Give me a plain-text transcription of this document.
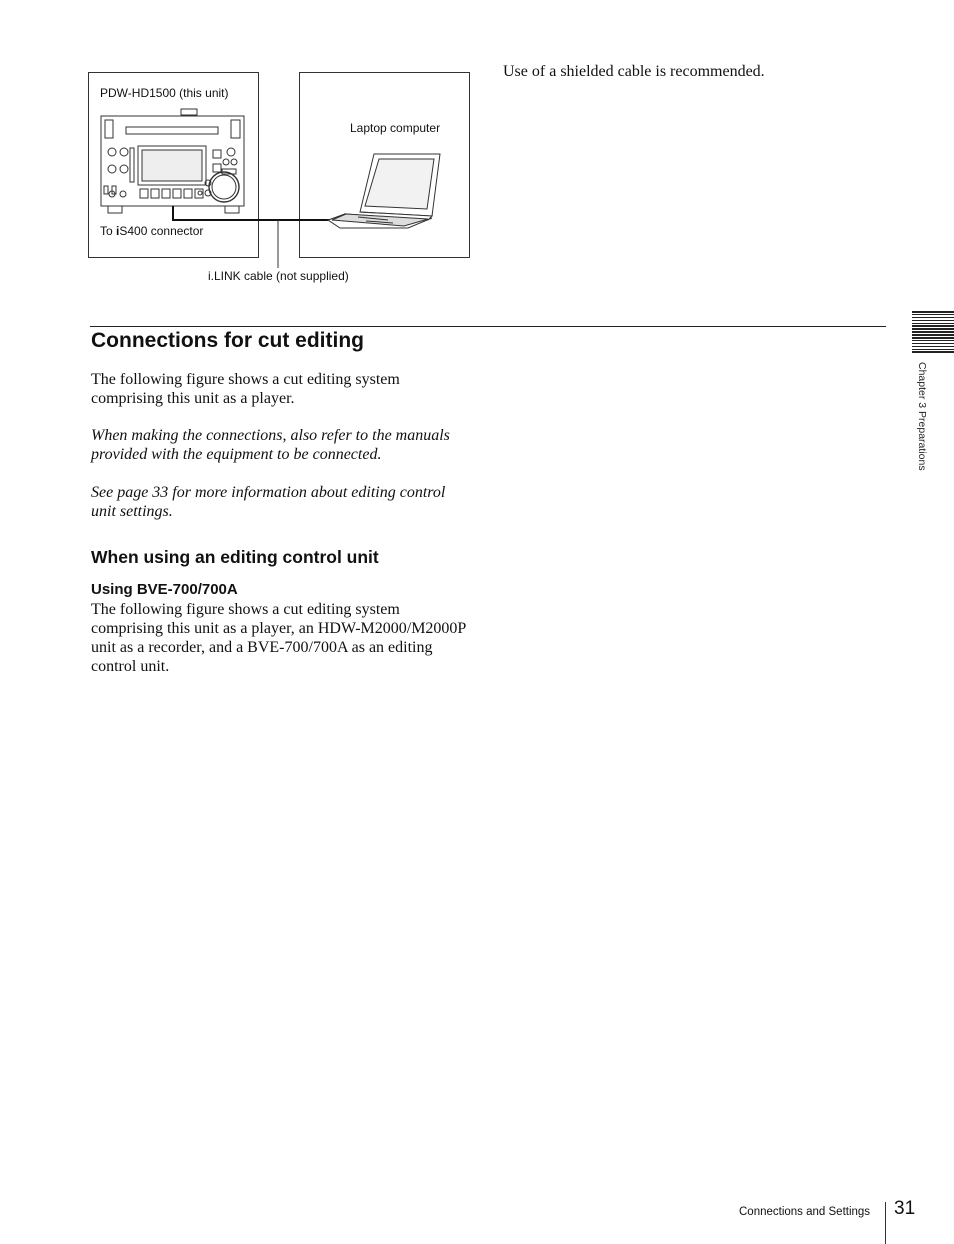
PDW-HD1500 (this unit)
Laptop computer
To iS400 connector
i.LINK cable (not supplied)
Use of a shielded cable is recommended.
Connections for cut editing
The following figure shows a cut editing system
comprising this unit as a player.
When making the connections, also refer to the manuals
provided with the equipment to be connected.
See page 33 for more information about editing control
unit settings.
When using an editing control unit
Using BVE-700/700A
The following figure shows a cut editing system
comprising this unit as a player, an HDW-M2000/M2000P
unit as a recorder, and a BVE-700/700A as an editing
control unit.
Chapter 3 Preparations
Connections and Settings 31
